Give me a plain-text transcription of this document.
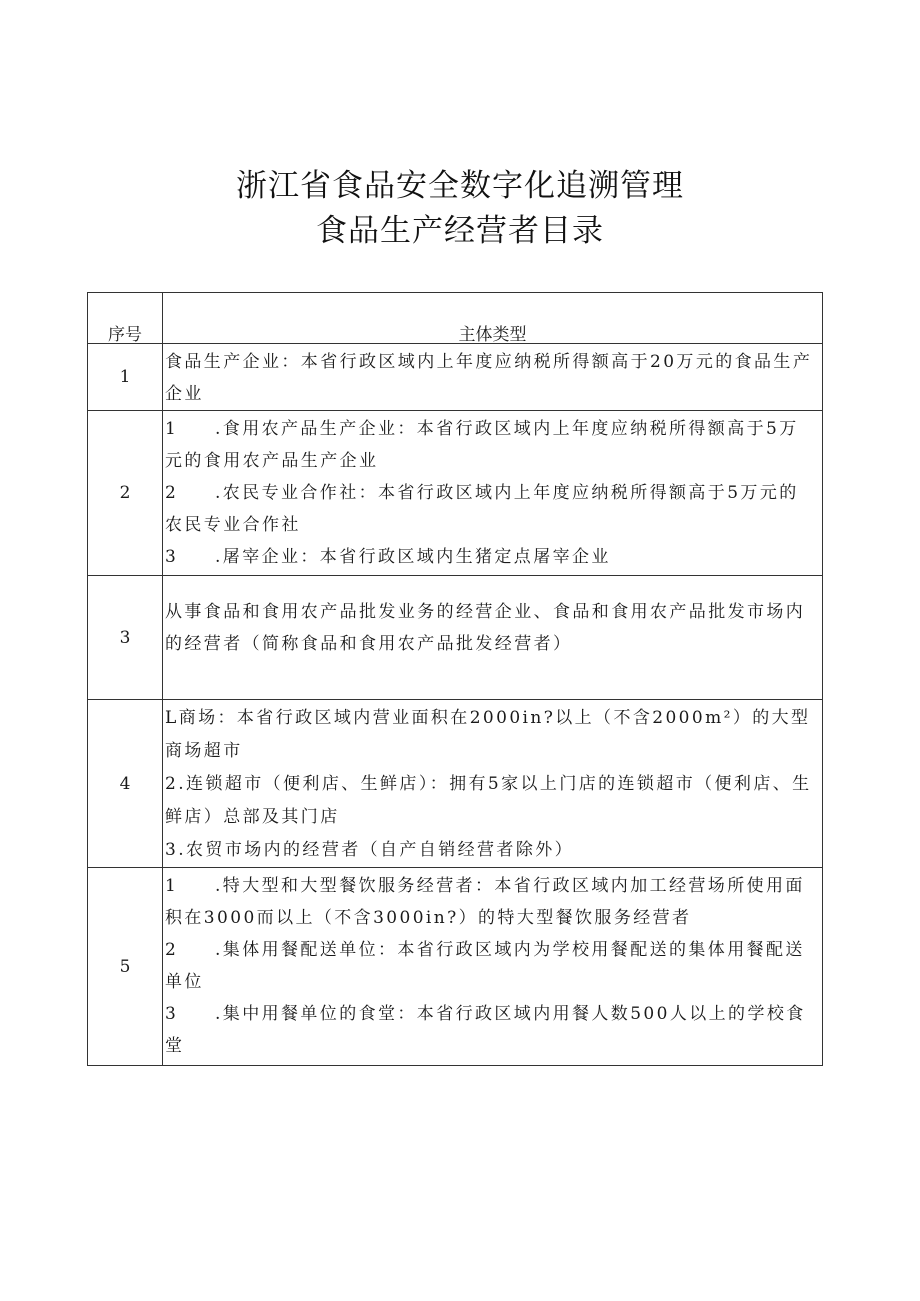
浙江省食品安全数字化追溯管理
食品生产经营者目录
序号	主体类型
1	食品生产企业：本省行政区域内上年度应纳税所得额高于20万元的食品生产企业

2	1 .食用农产品生产企业：本省行政区域内上年度应纳税所得额高于5万元的食用农产品生产企业
2 .农民专业合作社：本省行政区域内上年度应纳税所得额高于5万元的农民专业合作社
3 .屠宰企业：本省行政区域内生猪定点屠宰企业

3	从事食品和食用农产品批发业务的经营企业、食品和食用农产品批发市场内的经营者（简称食品和食用农产品批发经营者）

4	L商场：本省行政区域内营业面积在2000in?以上（不含2000m²）的大型商场超市
2.连锁超市（便利店、生鲜店）：拥有5家以上门店的连锁超市（便利店、生鲜店）总部及其门店
3.农贸市场内的经营者（自产自销经营者除外）

5	1 .特大型和大型餐饮服务经营者：本省行政区域内加工经营场所使用面积在3000而以上（不含3000in?）的特大型餐饮服务经营者
2 .集体用餐配送单位：本省行政区域内为学校用餐配送的集体用餐配送单位
3 .集中用餐单位的食堂：本省行政区域内用餐人数500人以上的学校食堂
